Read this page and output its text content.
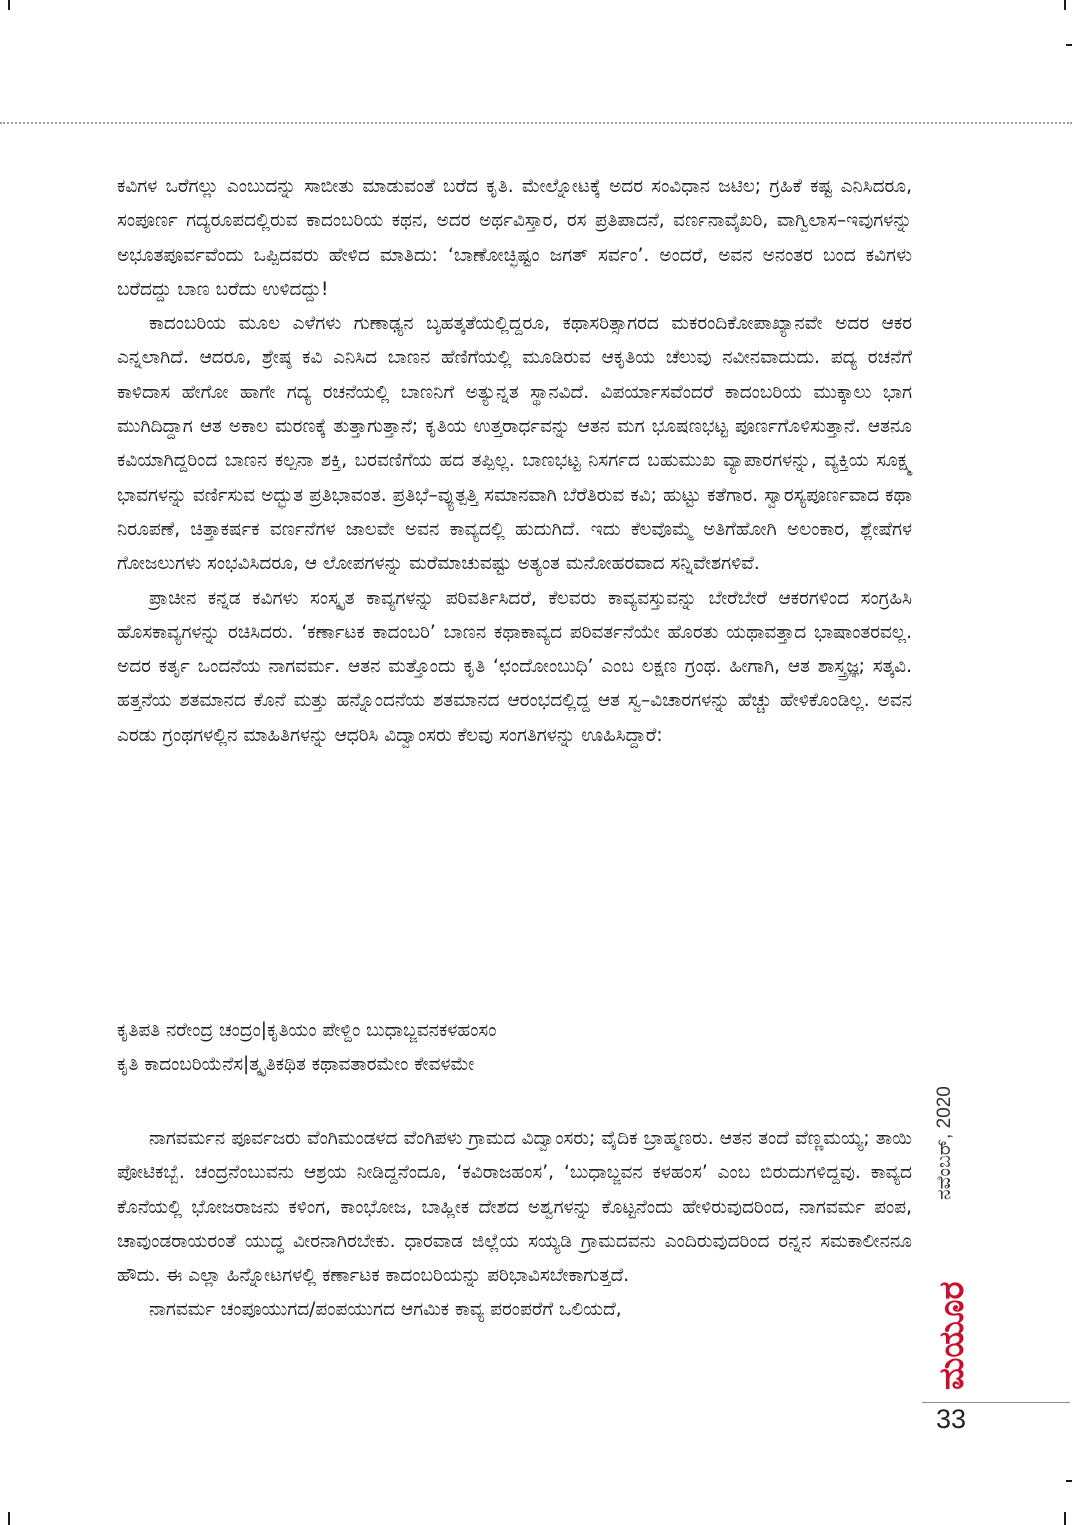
ಕವಿಗಳ ಒರೆಗಲ್ಲು ಎಂಬುದನ್ನು ಸಾಬೀತು ಮಾಡುವಂತೆ ಬರೆದ ಕೃತಿ. ಮೇಲ್ನೋಟಕ್ಕೆ ಅದರ ಸಂವಿಧಾನ ಜಟಿಲ; ಗ್ರಹಿಕೆ ಕಷ್ಟ ಎನಿಸಿದರೂ, ಸಂಪೂರ್ಣ ಗದ್ಯರೂಪದಲ್ಲಿರುವ ಕಾದಂಬರಿಯ ಕಥನ, ಅದರ ಅರ್ಥವಿಸ್ತಾರ, ರಸ ಪ್ರತಿಪಾದನೆ, ವರ್ಣನಾವೈಖರಿ, ವಾಗ್ವಿಲಾಸ–ಇವುಗಳನ್ನು ಅಭೂತಪೂರ್ವವೆಂದು ಒಪ್ಪಿದವರು ಹೇಳಿದ ಮಾತಿದು: ‘ಬಾಣೋಚ್ಛಿಷ್ಟಂ ಜಗತ್ ಸರ್ವಂ’. ಅಂದರೆ, ಅವನ ಅನಂತರ ಬಂದ ಕವಿಗಳು ಬರೆದದ್ದು ಬಾಣ ಬರೆದು ಉಳಿದದ್ದು!

ಕಾದಂಬರಿಯ ಮೂಲ ಎಳೆಗಳು ಗುಣಾಢ್ಯನ ಬೃಹತ್ಕತೆಯಲ್ಲಿದ್ದರೂ, ಕಥಾಸರಿತ್ಸಾಗರದ ಮಕರಂದಿಕೋಪಾಖ್ಯಾನವೇ ಅದರ ಆಕರ ಎನ್ನಲಾಗಿದೆ. ಆದರೂ, ಶ್ರೇಷ್ಠ ಕವಿ ಎನಿಸಿದ ಬಾಣನ ಹೆಣಿಗೆಯಲ್ಲಿ ಮೂಡಿರುವ ಆಕೃತಿಯ ಚೆಲುವು ನವೀನವಾದುದು. ಪದ್ಯ ರಚನೆಗೆ ಕಾಳಿದಾಸ ಹೇಗೋ ಹಾಗೇ ಗದ್ಯ ರಚನೆಯಲ್ಲಿ ಬಾಣನಿಗೆ ಅತ್ಯುನ್ನತ ಸ್ಥಾನವಿದೆ. ವಿಪರ್ಯಾಸವೆಂದರೆ ಕಾದಂಬರಿಯ ಮುಕ್ಕಾಲು ಭಾಗ ಮುಗಿದಿದ್ದಾಗ ಆತ ಅಕಾಲ ಮರಣಕ್ಕೆ ತುತ್ತಾಗುತ್ತಾನೆ; ಕೃತಿಯ ಉತ್ತರಾರ್ಧವನ್ನು ಆತನ ಮಗ ಭೂಷಣಭಟ್ಟ ಪೂರ್ಣಗೊಳಿಸುತ್ತಾನೆ. ಆತನೂ ಕವಿಯಾಗಿದ್ದರಿಂದ ಬಾಣನ ಕಲ್ಪನಾ ಶಕ್ತಿ, ಬರವಣಿಗೆಯ ಹದ ತಪ್ಪಿಲ್ಲ. ಬಾಣಭಟ್ಟ ನಿಸರ್ಗದ ಬಹುಮುಖ ವ್ಯಾಪಾರಗಳನ್ನು, ವ್ಯಕ್ತಿಯ ಸೂಕ್ಷ್ಮ ಭಾವಗಳನ್ನು ವರ್ಣಿಸುವ ಅದ್ಭುತ ಪ್ರತಿಭಾವಂತ. ಪ್ರತಿಭೆ–ವ್ಯುತ್ಪತ್ತಿ ಸಮಾನವಾಗಿ ಬೆರೆತಿರುವ ಕವಿ; ಹುಟ್ಟು ಕತೆಗಾರ. ಸ್ವಾರಸ್ಯಪೂರ್ಣವಾದ ಕಥಾ ನಿರೂಪಣೆ, ಚಿತ್ತಾಕರ್ಷಕ ವರ್ಣನೆಗಳ ಜಾಲವೇ ಅವನ ಕಾವ್ಯದಲ್ಲಿ ಹುದುಗಿದೆ. ಇದು ಕೆಲವೊಮ್ಮೆ ಅತಿಗೆಹೋಗಿ ಅಲಂಕಾರ, ಶ್ಲೇಷೆಗಳ ಗೋಜಲುಗಳು ಸಂಭವಿಸಿದರೂ, ಆ ಲೋಪಗಳನ್ನು ಮರೆಮಾಚುವಷ್ಟು ಅತ್ಯಂತ ಮನೋಹರವಾದ ಸನ್ನಿವೇಶಗಳಿವೆ.

ಪ್ರಾಚೀನ ಕನ್ನಡ ಕವಿಗಳು ಸಂಸ್ಕೃತ ಕಾವ್ಯಗಳನ್ನು ಪರಿವರ್ತಿಸಿದರೆ, ಕೆಲವರು ಕಾವ್ಯವಸ್ತುವನ್ನು ಬೇರೆಬೇರೆ ಆಕರಗಳಿಂದ ಸಂಗ್ರಹಿಸಿ ಹೊಸಕಾವ್ಯಗಳನ್ನು ರಚಿಸಿದರು. ‘ಕರ್ಣಾಟಕ ಕಾದಂಬರಿ’ ಬಾಣನ ಕಥಾಕಾವ್ಯದ ಪರಿವರ್ತನೆಯೇ ಹೊರತು ಯಥಾವತ್ತಾದ ಭಾಷಾಂತರವಲ್ಲ. ಅದರ ಕರ್ತೃ ಒಂದನೆಯ ನಾಗವರ್ಮ. ಆತನ ಮತ್ತೊಂದು ಕೃತಿ ‘ಛಂದೋಂಬುಧಿ’ ಎಂಬ ಲಕ್ಷಣ ಗ್ರಂಥ. ಹೀಗಾಗಿ, ಆತ ಶಾಸ್ತ್ರಜ್ಞ; ಸತ್ಕವಿ. ಹತ್ತನೆಯ ಶತಮಾನದ ಕೊನೆ ಮತ್ತು ಹನ್ನೊಂದನೆಯ ಶತಮಾನದ ಆರಂಭದಲ್ಲಿದ್ದ ಆತ ಸ್ವ–ವಿಚಾರಗಳನ್ನು ಹೆಚ್ಚು ಹೇಳಿಕೊಂಡಿಲ್ಲ. ಅವನ ಎರಡು ಗ್ರಂಥಗಳಲ್ಲಿನ ಮಾಹಿತಿಗಳನ್ನು ಆಧರಿಸಿ ವಿದ್ವಾಂಸರು ಕೆಲವು ಸಂಗತಿಗಳನ್ನು ಊಹಿಸಿದ್ದಾರೆ:

ಕೃತಿಪತಿ ನರೇಂದ್ರ ಚಂದ್ರಂ|ಕೃತಿಯಂ ಪೇಳ್ದಿಂ ಬುಧಾಬ್ಜವನಕಳಹಂಸಂ

ಕೃತಿ ಕಾದಂಬರಿಯೆನೆಸ|ತ್ಕೃತಿಕಥಿತ ಕಥಾವತಾರಮೇಂ ಕೇವಳಮೇ

ನಾಗವರ್ಮನ ಪೂರ್ವಜರು ವೆಂಗಿಮಂಡಳದ ವೆಂಗಿಪಳು ಗ್ರಾಮದ ವಿದ್ವಾಂಸರು; ವೈದಿಕ ಬ್ರಾಹ್ಮಣರು. ಆತನ ತಂದೆ ವೆಣ್ಣಮಯ್ಯ; ತಾಯಿ ಪೋಟಿಕಬ್ಬೆ. ಚಂದ್ರನೆಂಬುವನು ಆಶ್ರಯ ನೀಡಿದ್ದನೆಂದೂ, ‘ಕವಿರಾಜಹಂಸ’, ‘ಬುಧಾಬ್ಜವನ ಕಳಹಂಸ’ ಎಂಬ ಬಿರುದುಗಳಿದ್ದವು. ಕಾವ್ಯದ ಕೊನೆಯಲ್ಲಿ ಭೋಜರಾಜನು ಕಳಿಂಗ, ಕಾಂಭೋಜ, ಬಾಹ್ಲೀಕ ದೇಶದ ಅಶ್ವಗಳನ್ನು ಕೊಟ್ಟನೆಂದು ಹೇಳಿರುವುದರಿಂದ, ನಾಗವರ್ಮ ಪಂಪ, ಚಾವುಂಡರಾಯರಂತೆ ಯುದ್ಧ ವೀರನಾಗಿರಬೇಕು. ಧಾರವಾಡ ಜಿಲ್ಲೆಯ ಸಯ್ಯಡಿ ಗ್ರಾಮದವನು ಎಂದಿರುವುದರಿಂದ ರನ್ನನ ಸಮಕಾಲೀನನೂ ಹೌದು. ಈ ಎಲ್ಲಾ ಹಿನ್ನೋಟಗಳಲ್ಲಿ ಕರ್ಣಾಟಕ ಕಾದಂಬರಿಯನ್ನು ಪರಿಭಾವಿಸಬೇಕಾಗುತ್ತದೆ.

ನಾಗವರ್ಮ ಚಂಪೂಯುಗದ/ಪಂಪಯುಗದ ಆಗಮಿಕ ಕಾವ್ಯ ಪರಂಪರೆಗೆ ಒಲಿಯದೆ,

ನವೆಂಬರ್, 2020
ಮಯೂರ
33
